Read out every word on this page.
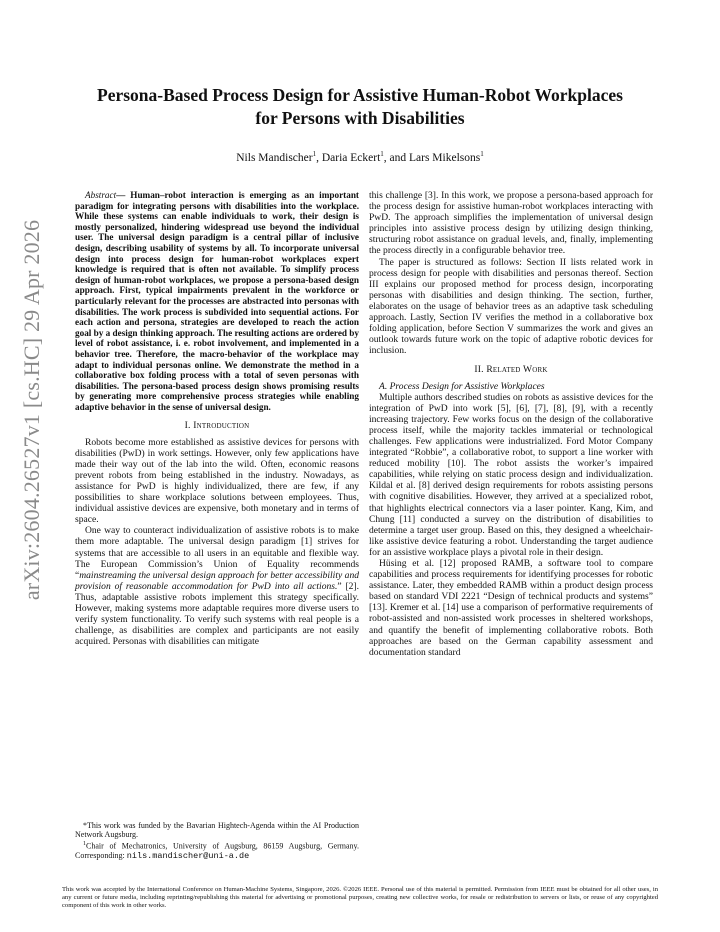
arXiv:2604.26527v1 [cs.HC] 29 Apr 2026
Persona-Based Process Design for Assistive Human-Robot Workplaces
for Persons with Disabilities
Nils Mandischer$^1$, Daria Eckert$^1$, and Lars Mikelsons$^1$

Abstract— Human–robot interaction is emerging as an important paradigm for integrating persons with disabilities into the workplace. While these systems can enable individuals to work, their design is mostly personalized, hindering widespread use beyond the individual user. The universal design paradigm is a central pillar of inclusive design, describing usability of systems by all. To incorporate universal design into process design for human-robot workplaces expert knowledge is required that is often not available. To simplify process design of human-robot workplaces, we propose a persona-based design approach. First, typical impairments prevalent in the workforce or particularly relevant for the processes are abstracted into personas with disabilities. The work process is subdivided into sequential actions. For each action and persona, strategies are developed to reach the action goal by a design thinking approach. The resulting actions are ordered by level of robot assistance, i. e. robot involvement, and implemented in a behavior tree. Therefore, the macro-behavior of the workplace may adapt to individual personas online. We demonstrate the method in a collaborative box folding process with a total of seven personas with disabilities. The persona-based process design shows promising results by generating more comprehensive process strategies while enabling adaptive behavior in the sense of universal design.

I. Introduction

Robots become more established as assistive devices for persons with disabilities (PwD) in work settings. However, only few applications have made their way out of the lab into the wild. Often, economic reasons prevent robots from being established in the industry. Nowadays, as assistance for PwD is highly individualized, there are few, if any possibilities to share workplace solutions between employees. Thus, individual assistive devices are expensive, both monetary and in terms of space.

One way to counteract individualization of assistive robots is to make them more adaptable. The universal design paradigm [1] strives for systems that are accessible to all users in an equitable and flexible way. The European Commission’s Union of Equality recommends “mainstreaming the universal design approach for better accessibility and provision of reasonable accommodation for PwD into all actions.” [2]. Thus, adaptable assistive robots implement this strategy specifically. However, making systems more adaptable requires more diverse users to verify system functionality. To verify such systems with real people is a challenge, as disabilities are complex and participants are not easily acquired. Personas with disabilities can mitigate

*This work was funded by the Bavarian Hightech-Agenda within the AI Production Network Augsburg.

$^1$Chair of Mechatronics, University of Augsburg, 86159 Augsburg, Germany. Corresponding: nils.mandischer@uni-a.de

this challenge [3]. In this work, we propose a persona-based approach for the process design for assistive human-robot workplaces interacting with PwD. The approach simplifies the implementation of universal design principles into assistive process design by utilizing design thinking, structuring robot assistance on gradual levels, and, finally, implementing the process directly in a configurable behavior tree.

The paper is structured as follows: Section II lists related work in process design for people with disabilities and personas thereof. Section III explains our proposed method for process design, incorporating personas with disabilities and design thinking. The section, further, elaborates on the usage of behavior trees as an adaptive task scheduling approach. Lastly, Section IV verifies the method in a collaborative box folding application, before Section V summarizes the work and gives an outlook towards future work on the topic of adaptive robotic devices for inclusion.

II. Related Work

A. Process Design for Assistive Workplaces

Multiple authors described studies on robots as assistive devices for the integration of PwD into work [5], [6], [7], [8], [9], with a recently increasing trajectory. Few works focus on the design of the collaborative process itself, while the majority tackles immaterial or technological challenges. Few applications were industrialized. Ford Motor Company integrated “Robbie”, a collaborative robot, to support a line worker with reduced mobility [10]. The robot assists the worker’s impaired capabilities, while relying on static process design and individualization. Kildal et al. [8] derived design requirements for robots assisting persons with cognitive disabilities. However, they arrived at a specialized robot, that highlights electrical connectors via a laser pointer. Kang, Kim, and Chung [11] conducted a survey on the distribution of disabilities to determine a target user group. Based on this, they designed a wheelchair-like assistive device featuring a robot. Understanding the target audience for an assistive workplace plays a pivotal role in their design.

Hüsing et al. [12] proposed RAMB, a software tool to compare capabilities and process requirements for identifying processes for robotic assistance. Later, they embedded RAMB within a product design process based on standard VDI 2221 “Design of technical products and systems” [13]. Kremer et al. [14] use a comparison of performative requirements of robot-assisted and non-assisted work processes in sheltered workshops, and quantify the benefit of implementing collaborative robots. Both approaches are based on the German capability assessment and documentation standard

This work was accepted by the International Conference on Human-Machine Systems, Singapore, 2026. ©2026 IEEE. Personal use of this material is permitted. Permission from IEEE must be obtained for all other uses, in any current or future media, including reprinting/republishing this material for advertising or promotional purposes, creating new collective works, for resale or redistribution to servers or lists, or reuse of any copyrighted component of this work in other works.
